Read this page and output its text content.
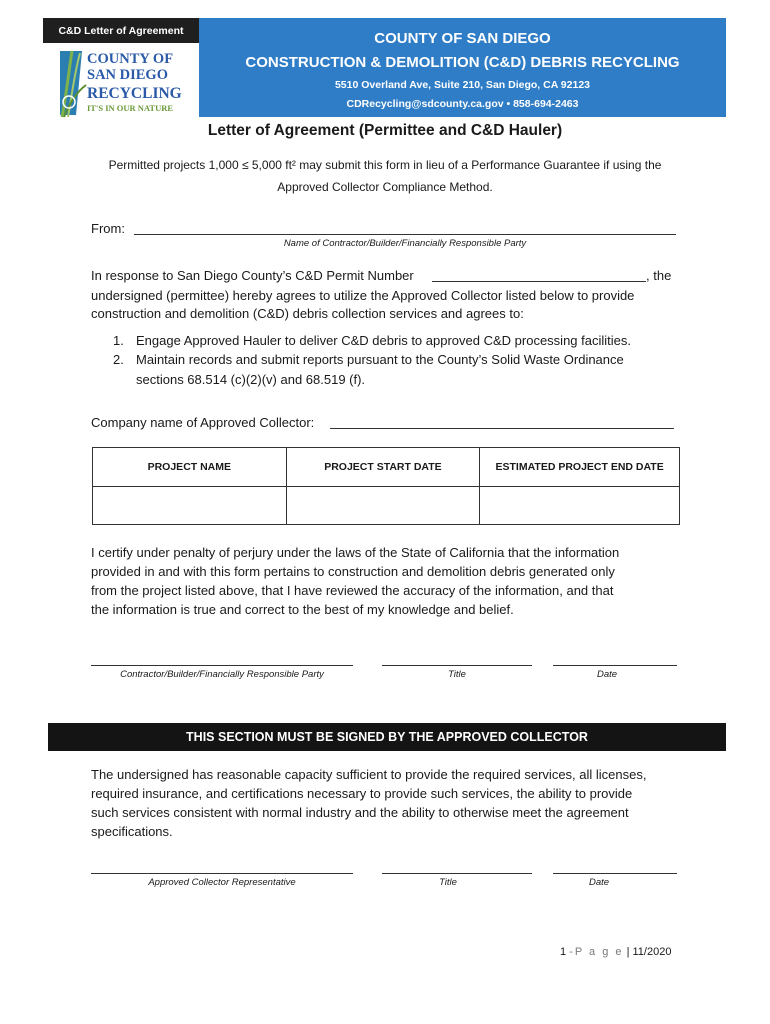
C&D Letter of Agreement	COUNTY OF SAN DIEGO
CONSTRUCTION & DEMOLITION (C&D) DEBRIS RECYCLING
5510 Overland Ave, Suite 210, San Diego, CA 92123
CDRecycling@sdcounty.ca.gov • 858-694-2463
COUNTY OF
SAN DIEGO
RECYCLING
IT'S IN OUR NATURE
Letter of Agreement (Permittee and C&D Hauler)
Permitted projects 1,000 ≤ 5,000 ft² may submit this form in lieu of a Performance Guarantee if using the
Approved Collector Compliance Method.
From:
Name of Contractor/Builder/Financially Responsible Party
In response to San Diego County’s C&D Permit Number	, the
undersigned (permittee) hereby agrees to utilize the Approved Collector listed below to provide
construction and demolition (C&D) debris collection services and agrees to:
1. Engage Approved Hauler to deliver C&D debris to approved C&D processing facilities.
2. Maintain records and submit reports pursuant to the County’s Solid Waste Ordinance
sections 68.514 (c)(2)(v) and 68.519 (f).
Company name of Approved Collector:
PROJECT NAME	PROJECT START DATE	ESTIMATED PROJECT END DATE

I certify under penalty of perjury under the laws of the State of California that the information
provided in and with this form pertains to construction and demolition debris generated only
from the project listed above, that I have reviewed the accuracy of the information, and that
the information is true and correct to the best of my knowledge and belief.
Contractor/Builder/Financially Responsible Party	Title	Date
THIS SECTION MUST BE SIGNED BY THE APPROVED COLLECTOR
The undersigned has reasonable capacity sufficient to provide the required services, all licenses,
required insurance, and certifications necessary to provide such services, the ability to provide
such services consistent with normal industry and the ability to otherwise meet the agreement
specifications.
Approved Collector Representative	Title	Date
1 -P a g e | 11/2020
